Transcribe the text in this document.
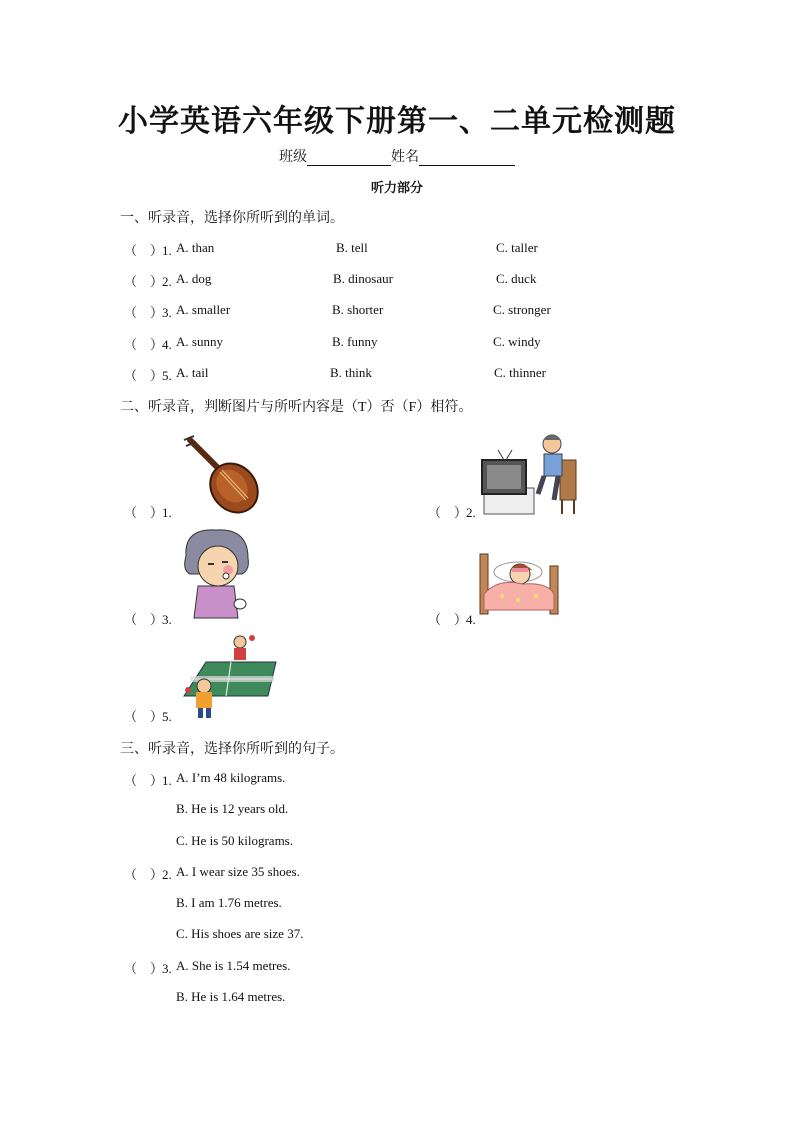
小学英语六年级下册第一、二单元检测题
班级	姓名
听力部分
一、听录音，选择你所听到的单词。
（　）1. A. than	B. tell	C. taller
（　）2. A. dog	B. dinosaur	C. duck
（　）3. A. smaller	B. shorter	C. stronger
（　）4. A. sunny	B. funny	C. windy
（　）5. A. tail	B. think	C. thinner
二、听录音，判断图片与所听内容是（T）否（F）相符。
（　）1.	（　）2.
（　）3.	（　）4.
（　）5.
三、听录音，选择你所听到的句子。
（　）1. A. I’m 48 kilograms.
B. He is 12 years old.
C. He is 50 kilograms.
（　）2. A. I wear size 35 shoes.
B. I am 1.76 metres.
C. His shoes are size 37.
（　）3. A. She is 1.54 metres.
B. He is 1.64 metres.
